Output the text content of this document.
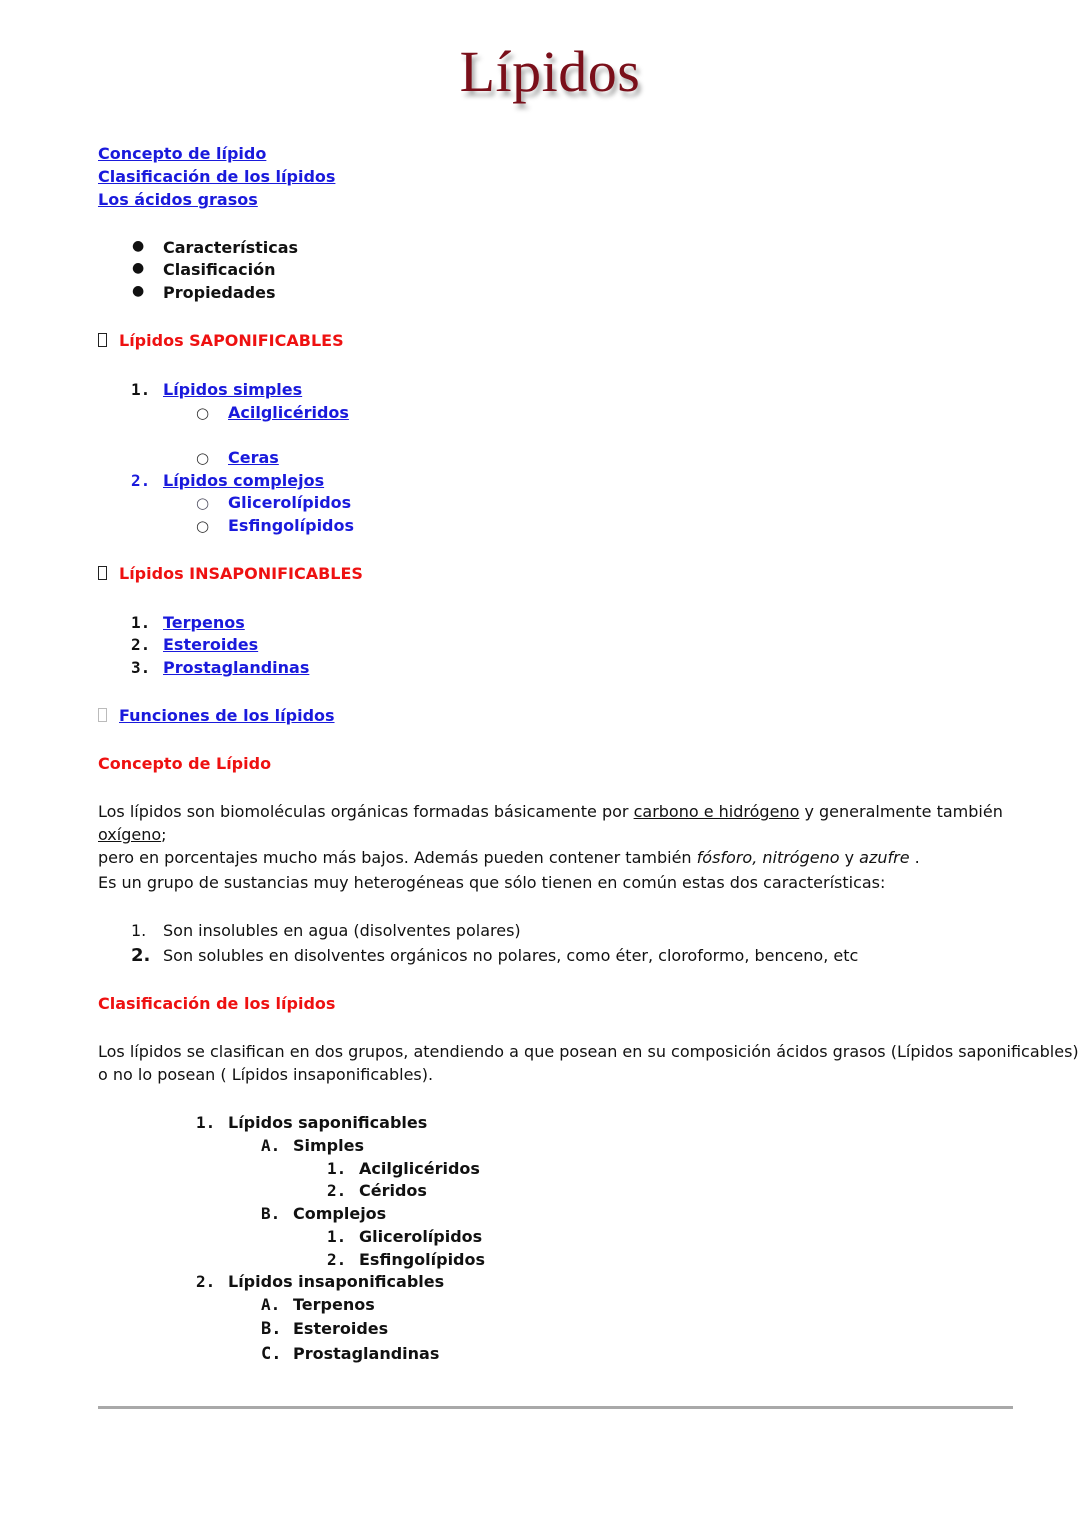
Lípidos
Concepto de lípido
Clasificación de los lípidos
Los ácidos grasos
● Características
● Clasificación
● Propiedades
Lípidos SAPONIFICABLES
1. Lípidos simples
○ Acilglicéridos
○ Ceras
2. Lípidos complejos
○ Glicerolípidos
○ Esfingolípidos
Lípidos INSAPONIFICABLES
1. Terpenos
2. Esteroides
3. Prostaglandinas
Funciones de los lípidos
Concepto de Lípido
Los lípidos son biomoléculas orgánicas formadas básicamente por carbono e hidrógeno y generalmente también oxígeno;
pero en porcentajes mucho más bajos. Además pueden contener también fósforo, nitrógeno y azufre .
Es un grupo de sustancias muy heterogéneas que sólo tienen en común estas dos características:
1. Son insolubles en agua (disolventes polares)
2. Son solubles en disolventes orgánicos no polares, como éter, cloroformo, benceno, etc
Clasificación de los lípidos
Los lípidos se clasifican en dos grupos, atendiendo a que posean en su composición ácidos grasos (Lípidos saponificables)
o no lo posean ( Lípidos insaponificables).
1. Lípidos saponificables
A. Simples
1. Acilglicéridos
2. Céridos
B. Complejos
1. Glicerolípidos
2. Esfingolípidos
2. Lípidos insaponificables
A. Terpenos
B. Esteroides
C. Prostaglandinas
